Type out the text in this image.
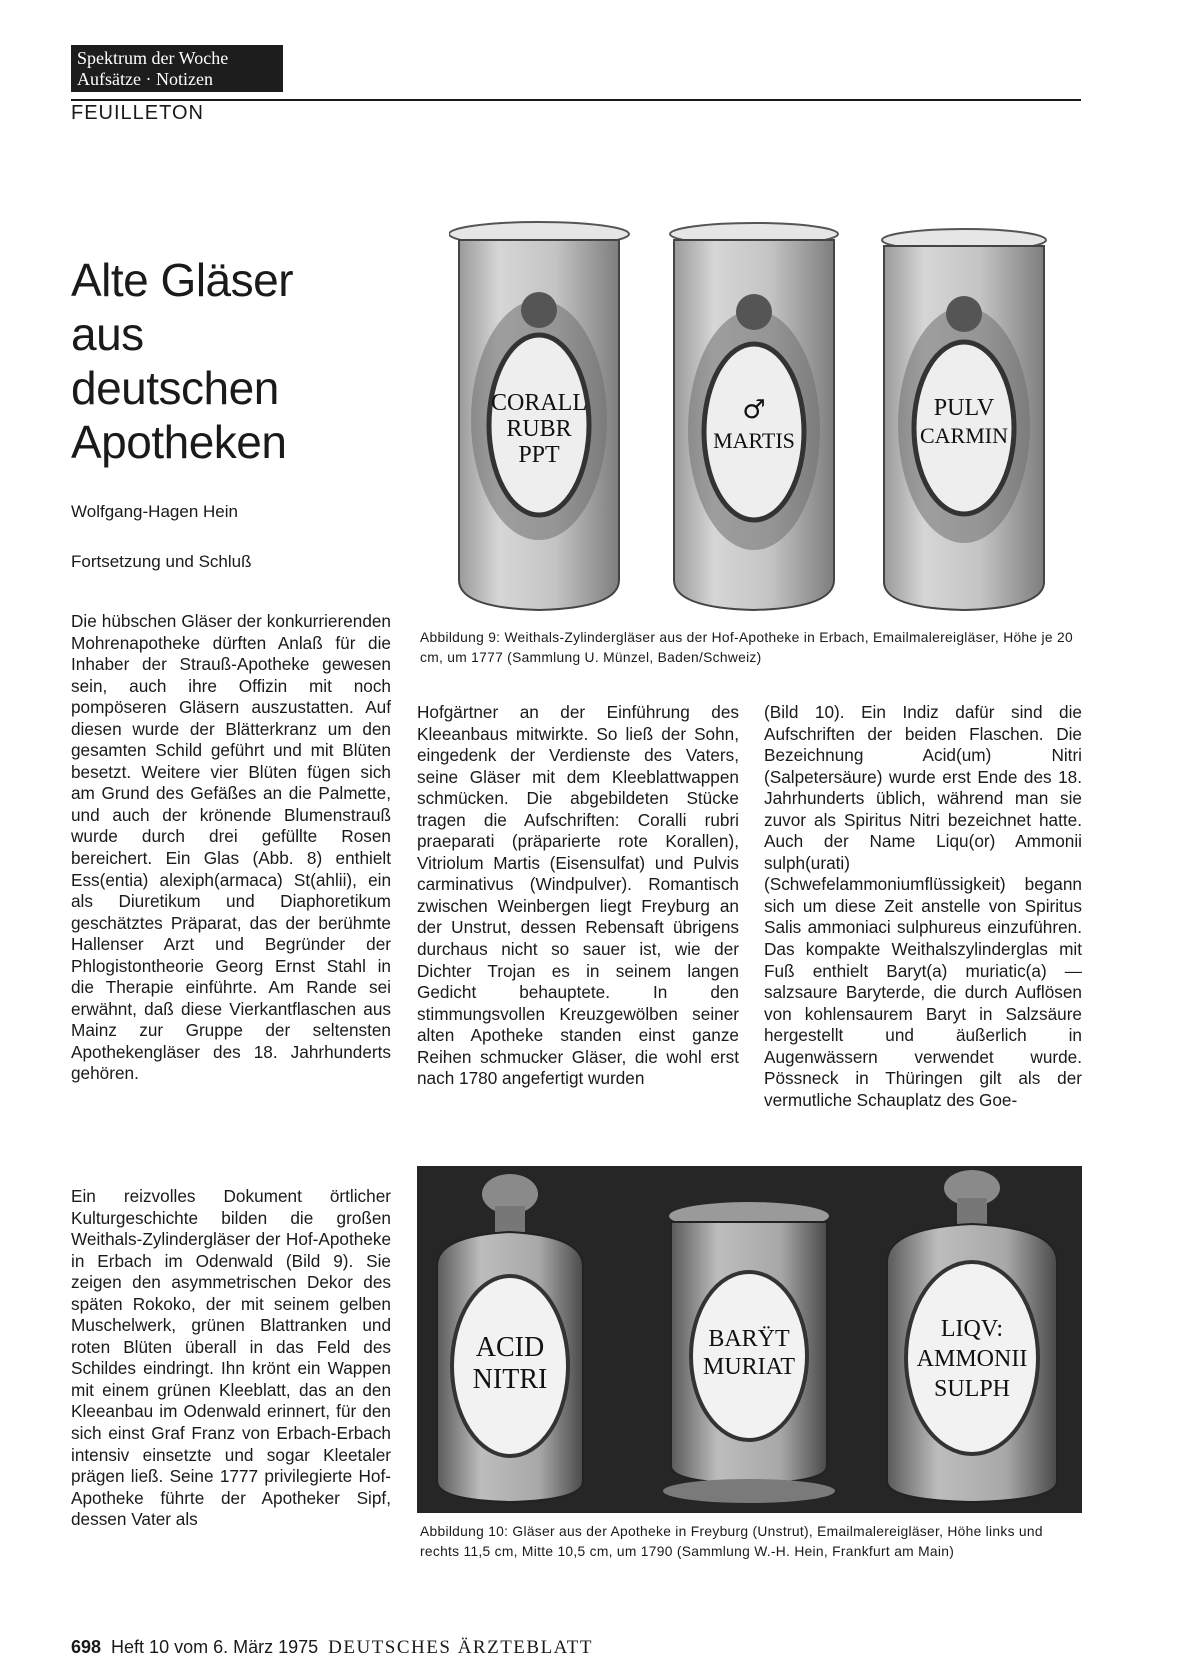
Spektrum der Woche
Aufsätze · Notizen
FEUILLETON
Alte Gläser
aus
deutschen
Apotheken
Wolfgang-Hagen Hein
Fortsetzung und Schluß
CORALL
RUBR
PPT
♂
MARTIS
PULV
CARMIN
Abbildung 9: Weithals-Zylindergläser aus der Hof-Apotheke in Erbach, Emailmalereigläser, Höhe je 20 cm, um 1777 (Sammlung U. Münzel, Baden/Schweiz)

Die hübschen Gläser der konkurrierenden Mohrenapotheke dürften Anlaß für die Inhaber der Strauß-Apotheke gewesen sein, auch ihre Offizin mit noch pompöseren Gläsern auszustatten. Auf diesen wurde der Blätterkranz um den gesamten Schild geführt und mit Blüten besetzt. Weitere vier Blüten fügen sich am Grund des Gefäßes an die Palmette, und auch der krönende Blumenstrauß wurde durch drei gefüllte Rosen bereichert. Ein Glas (Abb. 8) enthielt Ess(entia) alexiph(armaca) St(ahlii), ein als Diuretikum und Diaphoretikum geschätztes Präparat, das der berühmte Hallenser Arzt und Begründer der Phlogistontheorie Georg Ernst Stahl in die Therapie einführte. Am Rande sei erwähnt, daß diese Vierkantflaschen aus Mainz zur Gruppe der seltensten Apothekengläser des 18. Jahrhunderts gehören.

Ein reizvolles Dokument örtlicher Kulturgeschichte bilden die großen Weithals-Zylindergläser der Hof-Apotheke in Erbach im Odenwald (Bild 9). Sie zeigen den asymmetrischen Dekor des späten Rokoko, der mit seinem gelben Muschelwerk, grünen Blattranken und roten Blüten überall in das Feld des Schildes eindringt. Ihn krönt ein Wappen mit einem grünen Kleeblatt, das an den Kleeanbau im Odenwald erinnert, für den sich einst Graf Franz von Erbach-Erbach intensiv einsetzte und sogar Kleetaler prägen ließ. Seine 1777 privilegierte Hof-Apotheke führte der Apotheker Sipf, dessen Vater als

Hofgärtner an der Einführung des Kleeanbaus mitwirkte. So ließ der Sohn, eingedenk der Verdienste des Vaters, seine Gläser mit dem Kleeblattwappen schmücken. Die abgebildeten Stücke tragen die Aufschriften: Coralli rubri praeparati (präparierte rote Korallen), Vitriolum Martis (Eisensulfat) und Pulvis carminativus (Windpulver). Romantisch zwischen Weinbergen liegt Freyburg an der Unstrut, dessen Rebensaft übrigens durchaus nicht so sauer ist, wie der Dichter Trojan es in seinem langen Gedicht behauptete. In den stimmungsvollen Kreuzgewölben seiner alten Apotheke standen einst ganze Reihen schmucker Gläser, die wohl erst nach 1780 angefertigt wurden

(Bild 10). Ein Indiz dafür sind die Aufschriften der beiden Flaschen. Die Bezeichnung Acid(um) Nitri (Salpetersäure) wurde erst Ende des 18. Jahrhunderts üblich, während man sie zuvor als Spiritus Nitri bezeichnet hatte. Auch der Name Liqu(or) Ammonii sulph(urati) (Schwefelammoniumflüssigkeit) begann sich um diese Zeit anstelle von Spiritus Salis ammoniaci sulphureus einzuführen. Das kompakte Weithalszylinderglas mit Fuß enthielt Baryt(a) muriatic(a) — salzsaure Baryterde, die durch Auflösen von kohlensaurem Baryt in Salzsäure hergestellt und äußerlich in Augenwässern verwendet wurde. Pössneck in Thüringen gilt als der vermutliche Schauplatz des Goe-

ACID
NITRI
BARŸT
MURIAT
LIQV:
AMMONII
SULPH
Abbildung 10: Gläser aus der Apotheke in Freyburg (Unstrut), Emailmalereigläser, Höhe links und rechts 11,5 cm, Mitte 10,5 cm, um 1790 (Sammlung W.-H. Hein, Frankfurt am Main)
698 Heft 10 vom 6. März 1975 DEUTSCHES ÄRZTEBLATT
